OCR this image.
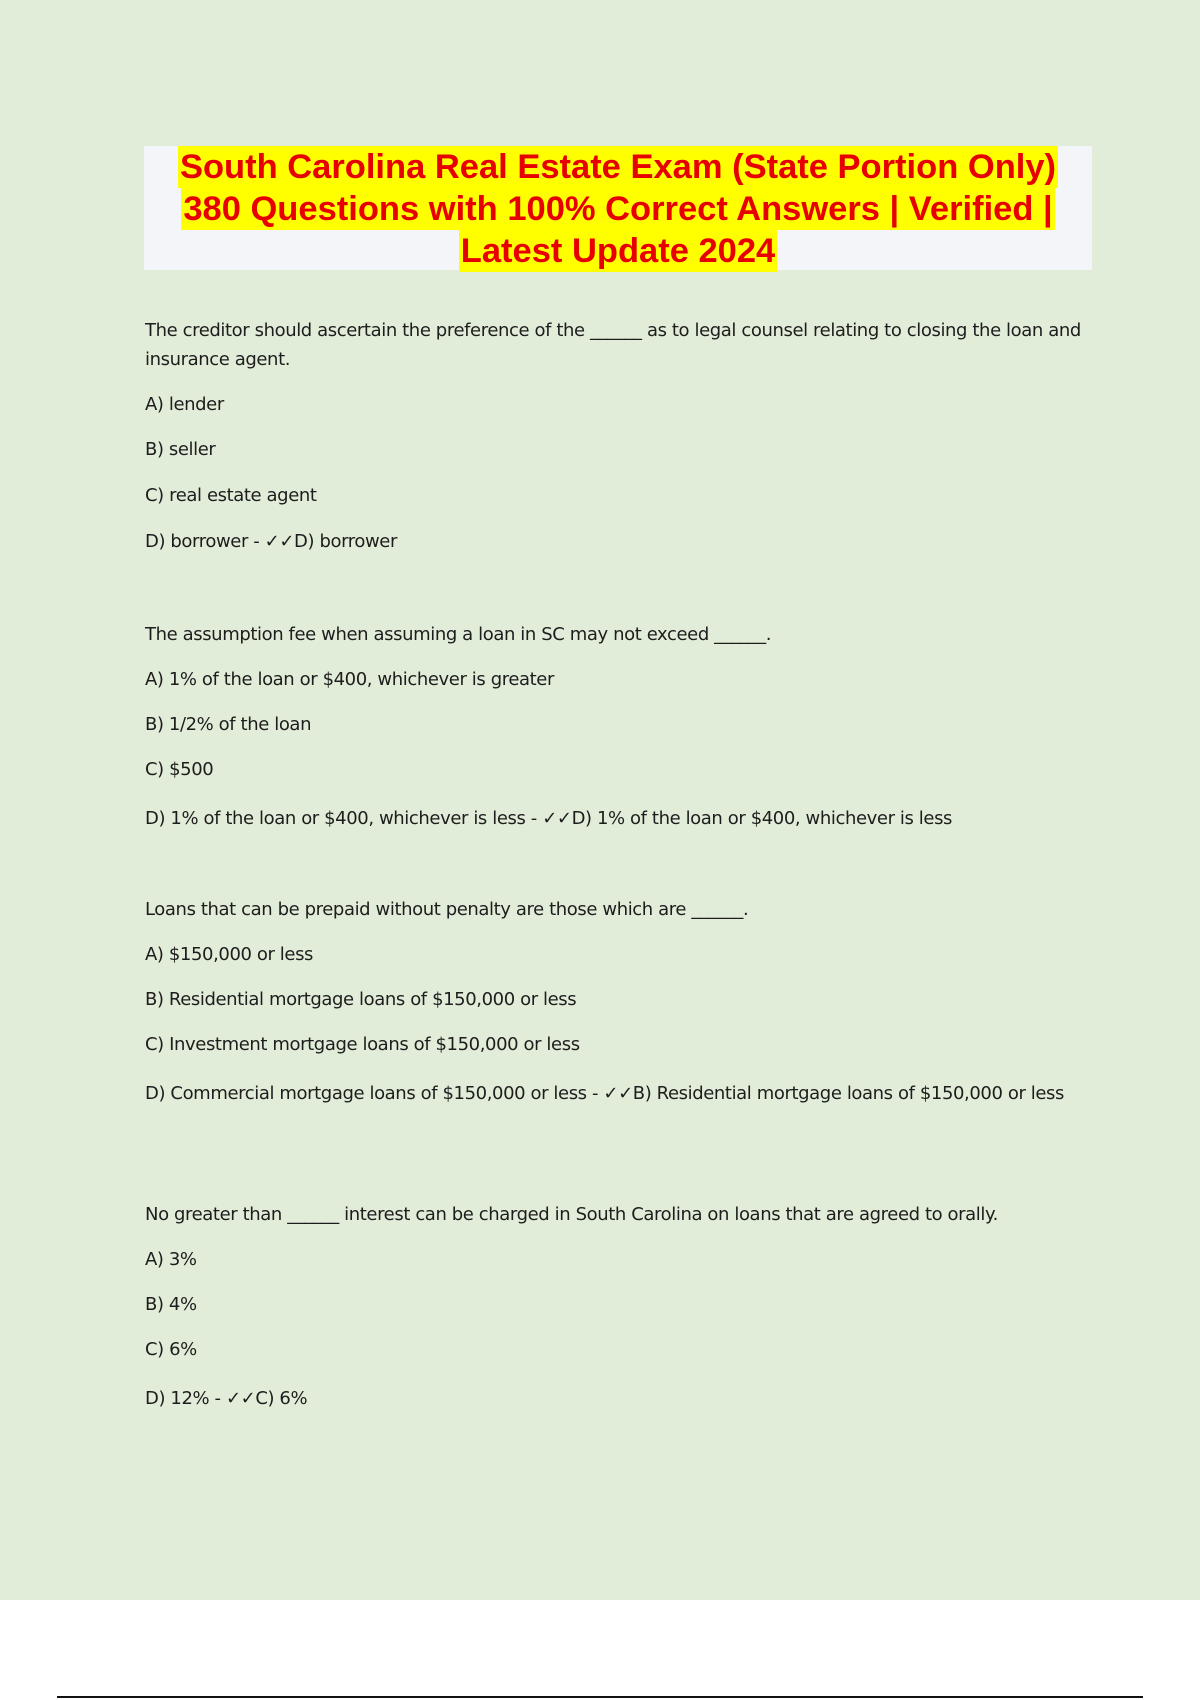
South Carolina Real Estate Exam (State Portion Only)
380 Questions with 100% Correct Answers | Verified |
Latest Update 2024
The creditor should ascertain the preference of the ______ as to legal counsel relating to closing the loan and insurance agent.
A) lender
B) seller
C) real estate agent
D) borrower - ✓✓D) borrower
The assumption fee when assuming a loan in SC may not exceed ______.
A) 1% of the loan or $400, whichever is greater
B) 1/2% of the loan
C) $500
D) 1% of the loan or $400, whichever is less - ✓✓D) 1% of the loan or $400, whichever is less
Loans that can be prepaid without penalty are those which are ______.
A) $150,000 or less
B) Residential mortgage loans of $150,000 or less
C) Investment mortgage loans of $150,000 or less
D) Commercial mortgage loans of $150,000 or less - ✓✓B) Residential mortgage loans of $150,000 or less
No greater than ______ interest can be charged in South Carolina on loans that are agreed to orally.
A) 3%
B) 4%
C) 6%
D) 12% - ✓✓C) 6%
